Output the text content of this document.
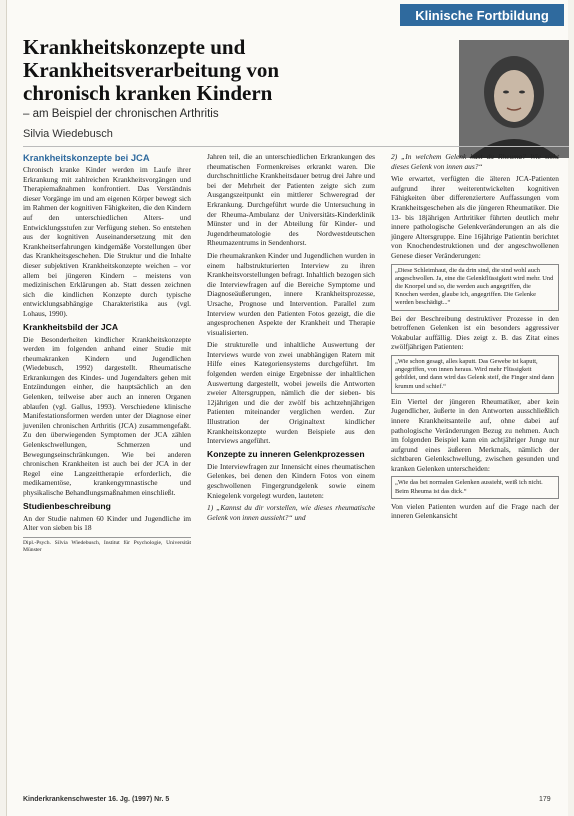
Klinische Fortbildung
Krankheitskonzepte und Krankheitsverarbeitung von chronisch kranken Kindern
– am Beispiel der chronischen Arthritis
Silvia Wiedebusch
Krankheitskonzepte bei JCA

Chronisch kranke Kinder werden im Laufe ihrer Erkrankung mit zahlreichen Krankheitsvorgängen und Therapiemaßnahmen konfrontiert. Das Verständnis dieser Vorgänge im und am eigenen Körper bewegt sich im Rahmen der kognitiven Fähigkeiten, die den Kindern auf den unterschiedlichen Alters- und Entwicklungsstufen zur Verfügung stehen. So entstehen aus der kognitiven Auseinandersetzung mit den Krankheitserfahrungen kindgemäße Vorstellungen über das Krankheitsgeschehen. Die Struktur und die Inhalte dieser subjektiven Krankheitskonzepte weichen – vor allem bei jüngeren Kindern – meistens von medizinischen Erklärungen ab. Statt dessen zeichnen sich die kindlichen Konzepte durch typische entwicklungsabhängige Charakteristika aus (vgl. Lohaus, 1990).

Krankheitsbild der JCA

Die Besonderheiten kindlicher Krankheitskonzepte werden im folgenden anhand einer Studie mit rheumakranken Kindern und Jugendlichen (Wiedebusch, 1992) dargestellt. Rheumatische Erkrankungen des Kindes- und Jugendalters gehen mit Entzündungen einher, die hauptsächlich an den Gelenken, teilweise aber auch an inneren Organen ablaufen (vgl. Gallus, 1993). Verschiedene klinische Manifestationsformen werden unter der Diagnose einer juvenilen chronischen Arthritis (JCA) zusammengefaßt. Zu den überwiegenden Symptomen der JCA zählen Gelenkschwellungen, Schmerzen und Bewegungseinschränkungen. Wie bei anderen chronischen Krankheiten ist auch bei der JCA in der Regel eine Langzeittherapie erforderlich, die medikamentöse, krankengymnastische und physikalische Behandlungsmaßnahmen einschließt.

Studienbeschreibung

An der Studie nahmen 60 Kinder und Jugendliche im Alter von sieben bis 18

Dipl.-Psych. Silvia Wiedebusch, Institut für Psychologie, Universität Münster

Jahren teil, die an unterschiedlichen Erkrankungen des rheumatischen Formenkreises erkrankt waren. Die durchschnittliche Krankheitsdauer betrug drei Jahre und bei der Mehrheit der Patienten zeigte sich zum Ausgangszeitpunkt ein mittlerer Schweregrad der Erkrankung. Durchgeführt wurde die Untersuchung in der Rheuma-Ambulanz der Universitäts-Kinderklinik Münster und in der Abteilung für Kinder- und Jugendrheumatologie des Nordwestdeutschen Rheumazentrums in Sendenhorst.

Die rheumakranken Kinder und Jugendlichen wurden in einem halbstrukturierten Interview zu ihren Krankheitsvorstellungen befragt. Inhaltlich bezogen sich die Interviewfragen auf die Bereiche Symptome und Diagnoseäußerungen, innere Krankheitsprozesse, Ursache, Prognose und Intervention. Parallel zum Interview wurden den Patienten Fotos gezeigt, die die angesprochenen Aspekte der Krankheit und Therapie visualisierten.

Die strukturelle und inhaltliche Auswertung der Interviews wurde von zwei unabhängigen Ratern mit Hilfe eines Kategoriensystems durchgeführt. Im folgenden werden einige Ergebnisse der inhaltlichen Auswertung dargestellt, wobei jeweils die Antworten zweier Altersgruppen, nämlich die der sieben- bis 12jährigen und die der zwölf bis achtzehnjährigen Patienten miteinander verglichen werden. Zur Illustration der Originaltext kindlicher Krankheitskonzepte wurden Beispiele aus den Interviews angeführt.

Konzepte zu inneren Gelenkprozessen

Die Interviewfragen zur Innensicht eines rheumatischen Gelenkes, bei denen den Kindern Fotos von einem geschwollenen Fingergrundgelenk sowie einem Kniegelenk vorgelegt wurden, lauteten:

1) „Kannst du dir vorstellen, wie dieses rheumatische Gelenk von innen aussieht?“ und

2) „In welchem Gelenk hast du Rheuma? Wie sieht dieses Gelenk von innen aus?“

Wie erwartet, verfügten die älteren JCA-Patienten aufgrund ihrer weiterentwickelten kognitiven Fähigkeiten über differenziertere Auffassungen vom Krankheitsgeschehen als die jüngeren Rheumatiker. Die 13- bis 18jährigen Arthritiker führten deutlich mehr innere pathologische Gelenkveränderungen an als die jüngere Altersgruppe. Eine 16jährige Patientin berichtet von Knochendestruktionen und der angeschwollenen Genese dieser Veränderungen:

„Diese Schleimhaut, die da drin sind, die sind wohl auch angeschwollen. Ja, eine die Gelenkflüssigkeit wird mehr. Und die Knorpel und so, die werden auch angegriffen, die Knochen werden, glaube ich, angegriffen. Die Gelenke werden beschädigt...“

Bei der Beschreibung destruktiver Prozesse in den betroffenen Gelenken ist ein besonders aggressiver Vokabular auffällig. Dies zeigt z. B. das Zitat eines zwölfjährigen Patienten:

„Wie schon gesagt, alles kaputt. Das Gewebe ist kaputt, angegriffen, von innen heraus. Wird mehr Flüssigkeit gebildet, und dann wird das Gelenk steif, die Finger sind dann krumm und schief.“

Ein Viertel der jüngeren Rheumatiker, aber kein Jugendlicher, äußerte in den Antworten ausschließlich innere Krankheitsanteile auf, ohne dabei auf pathologische Veränderungen Bezug zu nehmen. Auch im folgenden Beispiel kann ein achtjähriger Junge nur aufgrund eines äußeren Merkmals, nämlich der sichtbaren Gelenkschwellung, zwischen gesunden und kranken Gelenken unterscheiden:

„Wie das bei normalen Gelenken aussieht, weiß ich nicht. Beim Rheuma ist das dick.“

Von vielen Patienten wurden auf die Frage nach der inneren Gelenkansicht

Kinderkrankenschwester 16. Jg. (1997) Nr. 5	179
